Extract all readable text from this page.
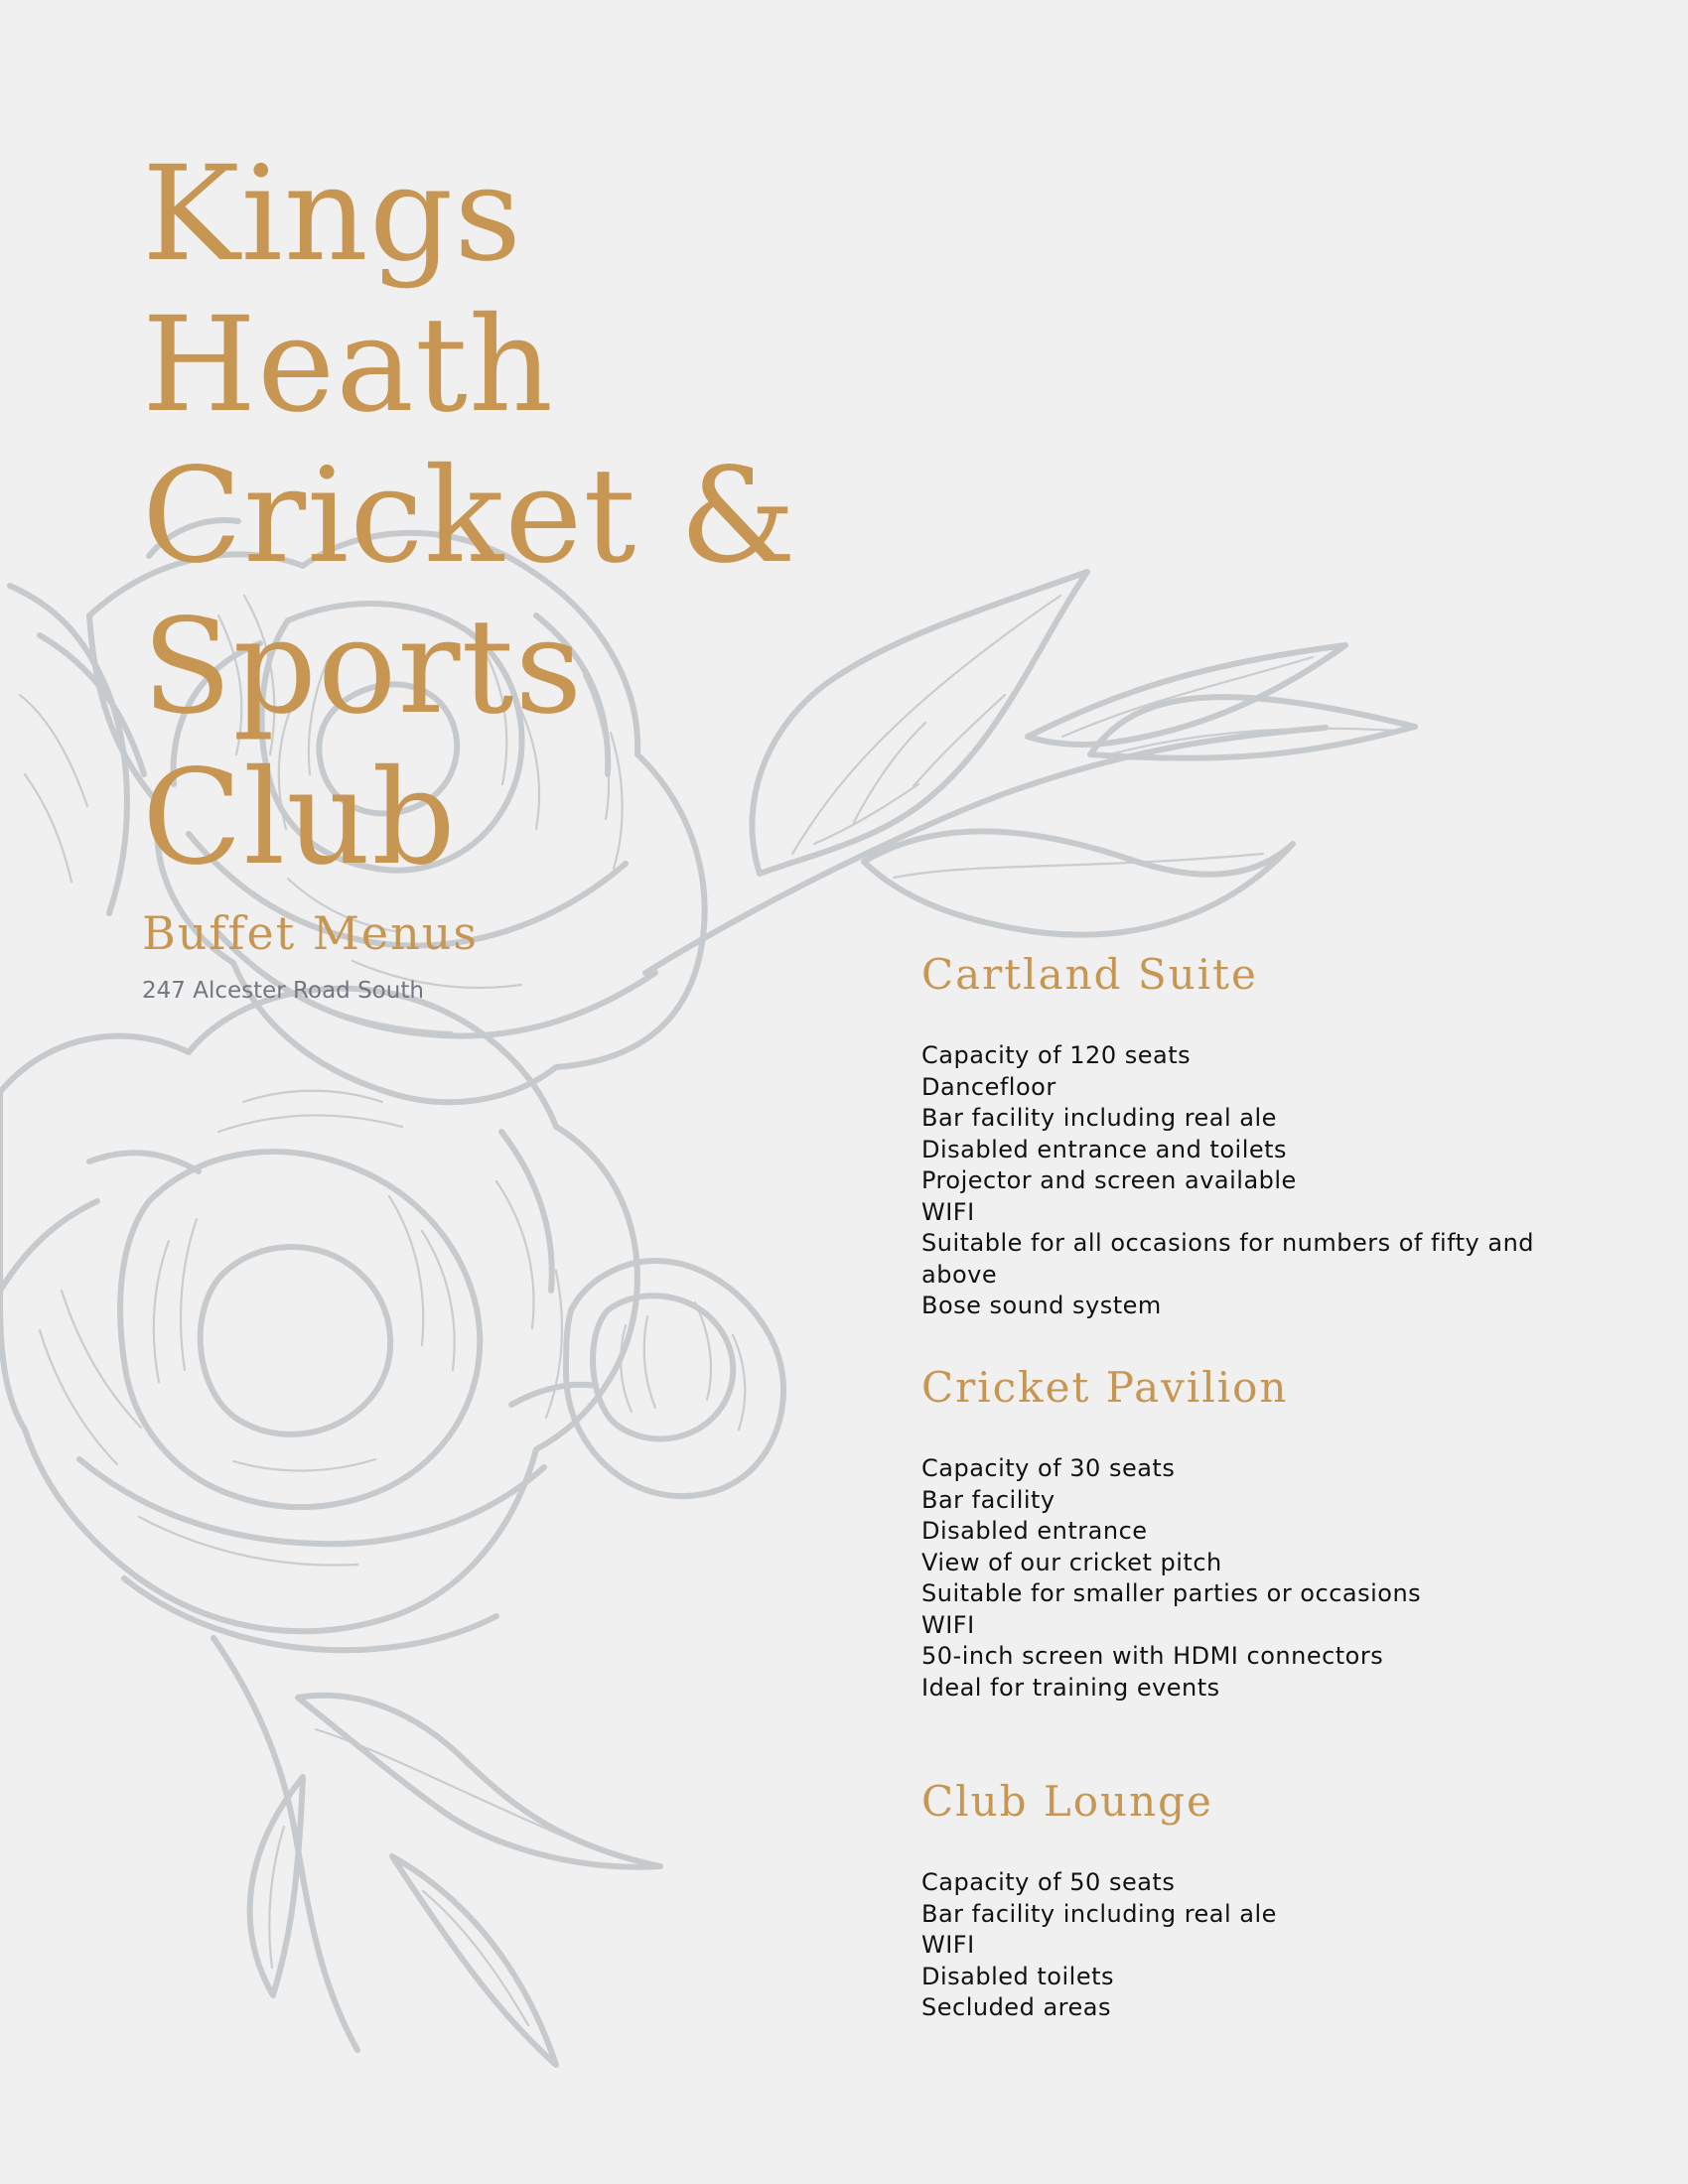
Kings Heath
Cricket &
Sports Club
Buffet Menus
247 Alcester Road South	Cartland Suite
Capacity of 120 seats
Dancefloor
Bar facility including real ale
Disabled entrance and toilets
Projector and screen available
WIFI
Suitable for all occasions for numbers of fifty and
above
Bose sound system
Cricket Pavilion
Capacity of 30 seats
Bar facility
Disabled entrance
View of our cricket pitch
Suitable for smaller parties or occasions
WIFI
50-inch screen with HDMI connectors
Ideal for training events
Club Lounge
Capacity of 50 seats
Bar facility including real ale
WIFI
Disabled toilets
Secluded areas
